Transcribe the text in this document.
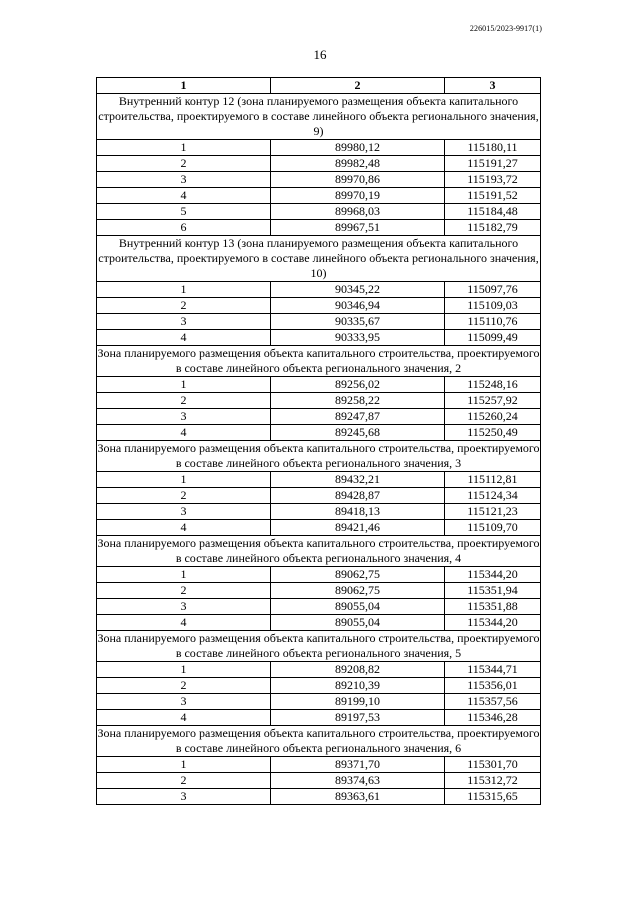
226015/2023-9917(1)
16
1	2	3
Внутренний контур 12 (зона планируемого размещения объекта капитального строительства, проектируемого в составе линейного объекта регионального значения, 9)		
1	89980,12	115180,11
2	89982,48	115191,27
3	89970,86	115193,72
4	89970,19	115191,52
5	89968,03	115184,48
6	89967,51	115182,79
Внутренний контур 13 (зона планируемого размещения объекта капитального строительства, проектируемого в составе линейного объекта регионального значения, 10)		
1	90345,22	115097,76
2	90346,94	115109,03
3	90335,67	115110,76
4	90333,95	115099,49
Зона планируемого размещения объекта капитального строительства, проектируемого в составе линейного объекта регионального значения, 2		
1	89256,02	115248,16
2	89258,22	115257,92
3	89247,87	115260,24
4	89245,68	115250,49
Зона планируемого размещения объекта капитального строительства, проектируемого в составе линейного объекта регионального значения, 3		
1	89432,21	115112,81
2	89428,87	115124,34
3	89418,13	115121,23
4	89421,46	115109,70
Зона планируемого размещения объекта капитального строительства, проектируемого в составе линейного объекта регионального значения, 4		
1	89062,75	115344,20
2	89062,75	115351,94
3	89055,04	115351,88
4	89055,04	115344,20
Зона планируемого размещения объекта капитального строительства, проектируемого в составе линейного объекта регионального значения, 5		
1	89208,82	115344,71
2	89210,39	115356,01
3	89199,10	115357,56
4	89197,53	115346,28
Зона планируемого размещения объекта капитального строительства, проектируемого в составе линейного объекта регионального значения, 6		
1	89371,70	115301,70
2	89374,63	115312,72
3	89363,61	115315,65
